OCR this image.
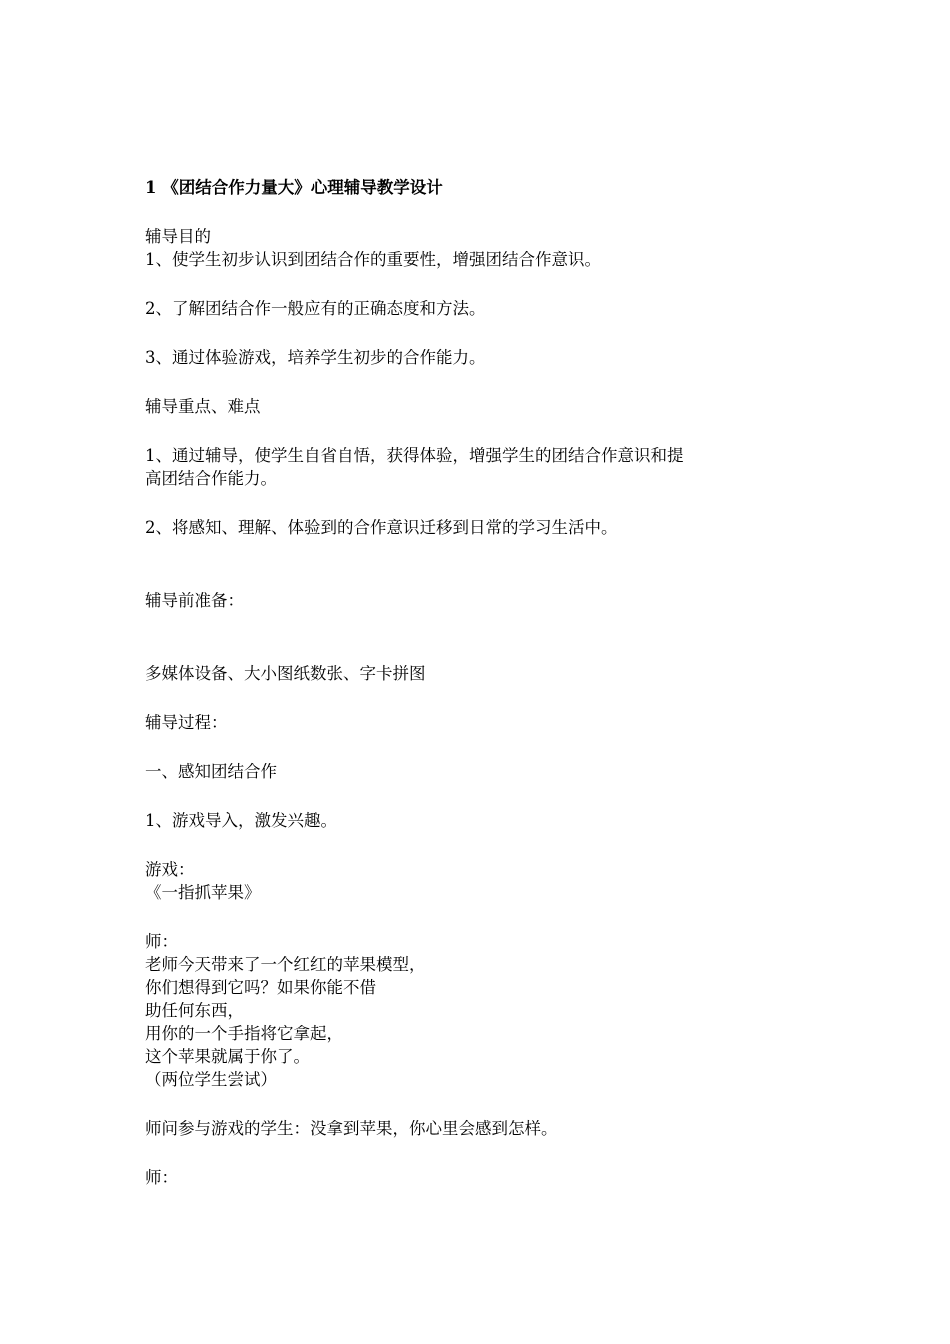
1 《团结合作力量大》心理辅导教学设计
辅导目的
1、使学生初步认识到团结合作的重要性，增强团结合作意识。
2、了解团结合作一般应有的正确态度和方法。
3、通过体验游戏，培养学生初步的合作能力。
辅导重点、难点
1、通过辅导，使学生自省自悟，获得体验，增强学生的团结合作意识和提
高团结合作能力。
2、将感知、理解、体验到的合作意识迁移到日常的学习生活中。
辅导前准备：
多媒体设备、大小图纸数张、字卡拼图
辅导过程：
一、感知团结合作
1、游戏导入，激发兴趣。
游戏：
《一指抓苹果》
师：
老师今天带来了一个红红的苹果模型，
你们想得到它吗？如果你能不借
助任何东西，
用你的一个手指将它拿起，
这个苹果就属于你了。
（两位学生尝试）
师问参与游戏的学生：没拿到苹果，你心里会感到怎样。
师：
